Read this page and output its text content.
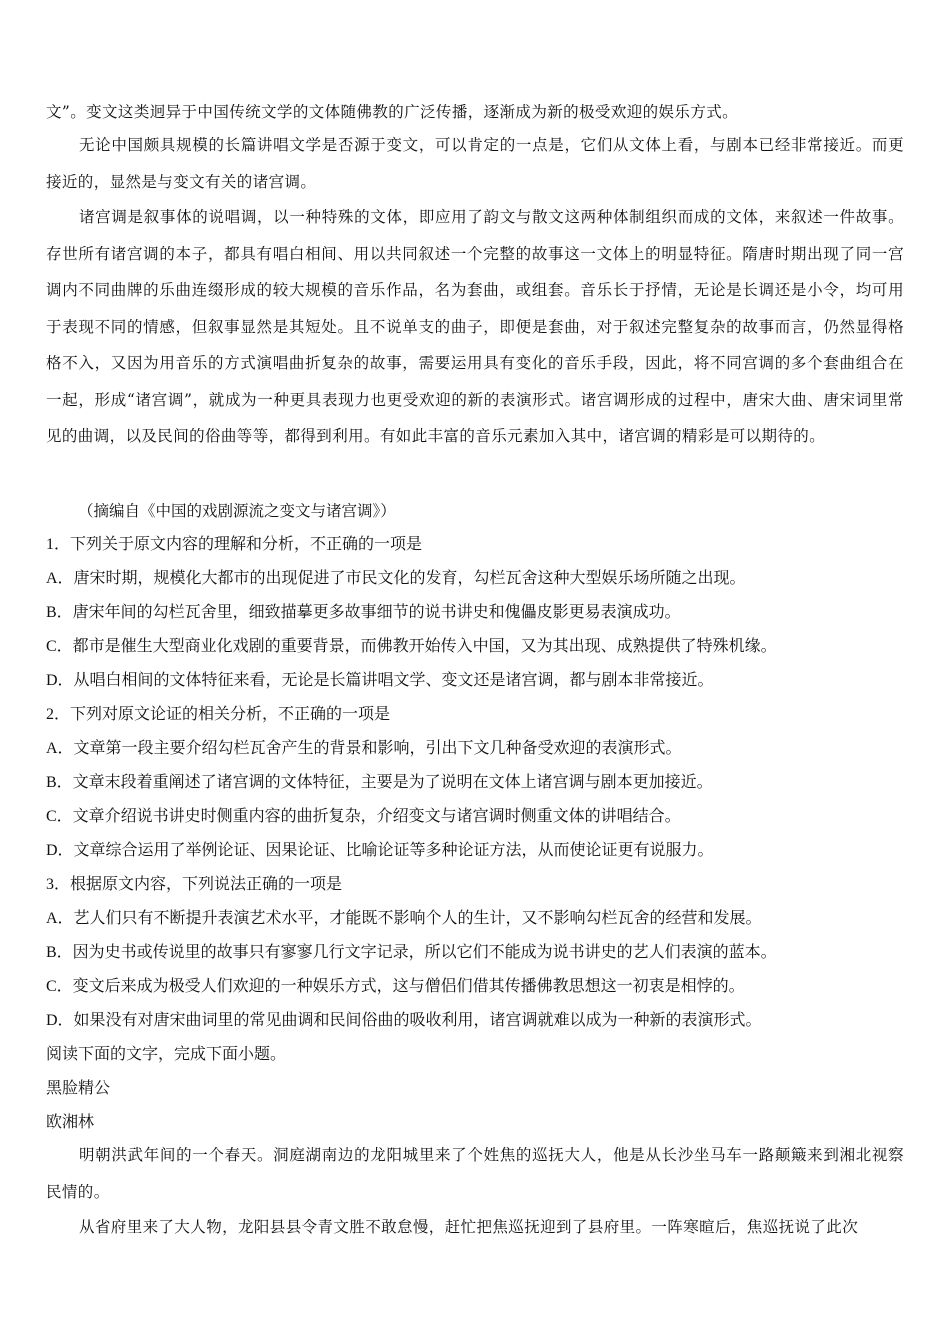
文”。变文这类迥异于中国传统文学的文体随佛教的广泛传播，逐渐成为新的极受欢迎的娱乐方式。

无论中国颇具规模的长篇讲唱文学是否源于变文，可以肯定的一点是，它们从文体上看，与剧本已经非常接近。而更接近的，显然是与变文有关的诸宫调。

诸宫调是叙事体的说唱调，以一种特殊的文体，即应用了韵文与散文这两种体制组织而成的文体，来叙述一件故事。存世所有诸宫调的本子，都具有唱白相间、用以共同叙述一个完整的故事这一文体上的明显特征。隋唐时期出现了同一宫调内不同曲牌的乐曲连缀形成的较大规模的音乐作品，名为套曲，或组套。音乐长于抒情，无论是长调还是小令，均可用于表现不同的情感，但叙事显然是其短处。且不说单支的曲子，即便是套曲，对于叙述完整复杂的故事而言，仍然显得格格不入，又因为用音乐的方式演唱曲折复杂的故事，需要运用具有变化的音乐手段，因此，将不同宫调的多个套曲组合在一起，形成“诸宫调”，就成为一种更具表现力也更受欢迎的新的表演形式。诸宫调形成的过程中，唐宋大曲、唐宋词里常见的曲调，以及民间的俗曲等等，都得到利用。有如此丰富的音乐元素加入其中，诸宫调的精彩是可以期待的。

（摘编自《中国的戏剧源流之变文与诸宫调》）

1．下列关于原文内容的理解和分析，不正确的一项是

A．唐宋时期，规模化大都市的出现促进了市民文化的发育，勾栏瓦舍这种大型娱乐场所随之出现。

B．唐宋年间的勾栏瓦舍里，细致描摹更多故事细节的说书讲史和傀儡皮影更易表演成功。

C．都市是催生大型商业化戏剧的重要背景，而佛教开始传入中国，又为其出现、成熟提供了特殊机缘。

D．从唱白相间的文体特征来看，无论是长篇讲唱文学、变文还是诸宫调，都与剧本非常接近。

2．下列对原文论证的相关分析，不正确的一项是

A．文章第一段主要介绍勾栏瓦舍产生的背景和影响，引出下文几种备受欢迎的表演形式。

B．文章末段着重阐述了诸宫调的文体特征，主要是为了说明在文体上诸宫调与剧本更加接近。

C．文章介绍说书讲史时侧重内容的曲折复杂，介绍变文与诸宫调时侧重文体的讲唱结合。

D．文章综合运用了举例论证、因果论证、比喻论证等多种论证方法，从而使论证更有说服力。

3．根据原文内容，下列说法正确的一项是

A．艺人们只有不断提升表演艺术水平，才能既不影响个人的生计，又不影响勾栏瓦舍的经营和发展。

B．因为史书或传说里的故事只有寥寥几行文字记录，所以它们不能成为说书讲史的艺人们表演的蓝本。

C．变文后来成为极受人们欢迎的一种娱乐方式，这与僧侣们借其传播佛教思想这一初衷是相悖的。

D．如果没有对唐宋曲词里的常见曲调和民间俗曲的吸收利用，诸宫调就难以成为一种新的表演形式。

阅读下面的文字，完成下面小题。

黑脸精公

欧湘林

明朝洪武年间的一个春天。洞庭湖南边的龙阳城里来了个姓焦的巡抚大人，他是从长沙坐马车一路颠簸来到湘北视察民情的。

从省府里来了大人物，龙阳县县令青文胜不敢怠慢，赶忙把焦巡抚迎到了县府里。一阵寒暄后，焦巡抚说了此次
